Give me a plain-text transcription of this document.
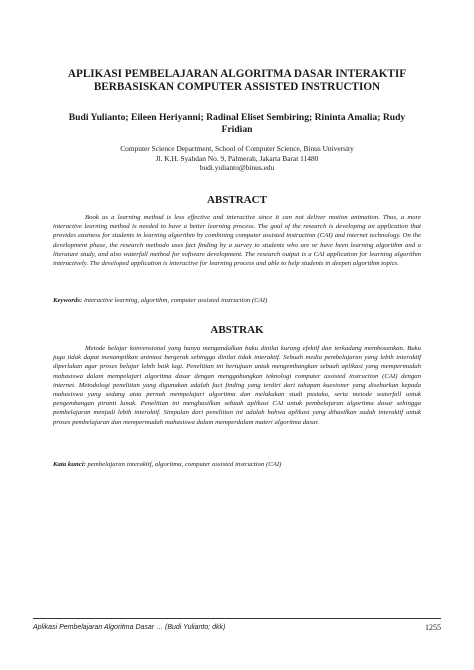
APLIKASI PEMBELAJARAN ALGORITMA DASAR INTERAKTIF BERBASISKAN COMPUTER ASSISTED INSTRUCTION
Budi Yulianto; Eileen Heriyanni; Radinal Eliset Sembiring; Rininta Amalia; Rudy Fridian
Computer Science Department, School of Computer Science, Binus University
Jl. K.H. Syahdan No. 9, Palmerah, Jakarta Barat 11480
budi.yulianto@binus.edu
ABSTRACT
Book as a learning method is less effective and interactive since it can not deliver motion animation. Thus, a more interactive learning method is needed to have a better learning process. The goal of the research is developing an application that provides easiness for students in learning algorithm by combining computer assisted instruction (CAI) and internet technology. On the development phase, the research methodo uses fact finding by a survey to students who are or have been learning algorithm and a literature study, and also waterfall method for software development. The research output is a CAI application for learning algorithm interactively. The developed application is interactive for learning process and able to help students in deepen algorithm topics.
Keywords: interactive learning, algorithm, computer assisted instruction (CAI)
ABSTRAK
Metode belajar konvensional yang hanya mengandalkan buku dinilai kurang efektif dan terkadang membosankan. Buku juga tidak dapat menampilkan animasi bergerak sehingga dinilai tidak interaktif. Sebuah media pembelajaran yang lebih interaktif diperlukan agar proses belajar lebih baik lagi. Penelitian ini bertujuan untuk mengembangkan sebuah aplikasi yang mempermudah mahasiswa dalam mempelajari algoritma dasar dengan menggabungkan teknologi computer assisted instruction (CAI) dengan internet. Metodologi penelitian yang digunakan adalah fact finding yang terdiri dari tahapan kuesioner yang disebarkan kepada mahasiswa yang sedang atau pernah mempelajari algoritma dan melakukan studi pustaka, serta metode waterfall untuk pengembangan piranti lunak. Penelitian ini menghasilkan sebuah aplikasi CAI untuk pembelajaran algoritma dasar sehingga pembelajaran menjadi lebih interaktif. Simpulan dari penelitian ini adalah bahwa aplikasi yang dihasilkan sudah interaktif untuk proses pembelajaran dan mempermudah mahasiswa dalam memperdalam materi algoritma dasar.
Kata kunci: pembelajaran interaktif, algoritma, computer assisted instruction (CAI)
Aplikasi Pembelajaran Algoritma Dasar … (Budi Yulianto; dkk)	1255
